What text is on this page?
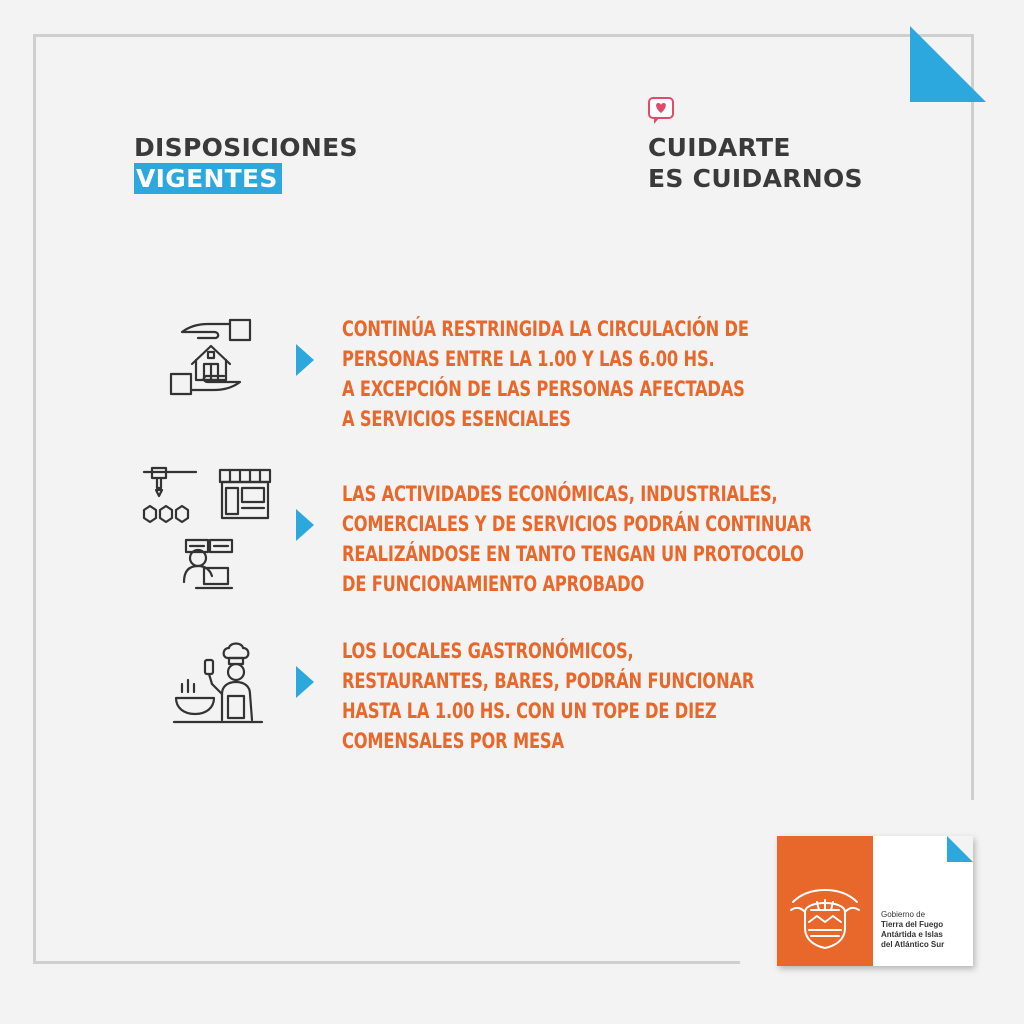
DISPOSICIONES
VIGENTES
CUIDARTE
ES CUIDARNOS
CONTINÚA RESTRINGIDA LA CIRCULACIÓN DE
PERSONAS ENTRE LA 1.00 Y LAS 6.00 HS.
A EXCEPCIÓN DE LAS PERSONAS AFECTADAS
A SERVICIOS ESENCIALES
LAS ACTIVIDADES ECONÓMICAS, INDUSTRIALES,
COMERCIALES Y DE SERVICIOS PODRÁN CONTINUAR
REALIZÁNDOSE EN TANTO TENGAN UN PROTOCOLO
DE FUNCIONAMIENTO APROBADO
LOS LOCALES GASTRONÓMICOS,
RESTAURANTES, BARES, PODRÁN FUNCIONAR
HASTA LA 1.00 HS. CON UN TOPE DE DIEZ
COMENSALES POR MESA
Gobierno de
Tierra del Fuego
Antártida e Islas
del Atlántico Sur
